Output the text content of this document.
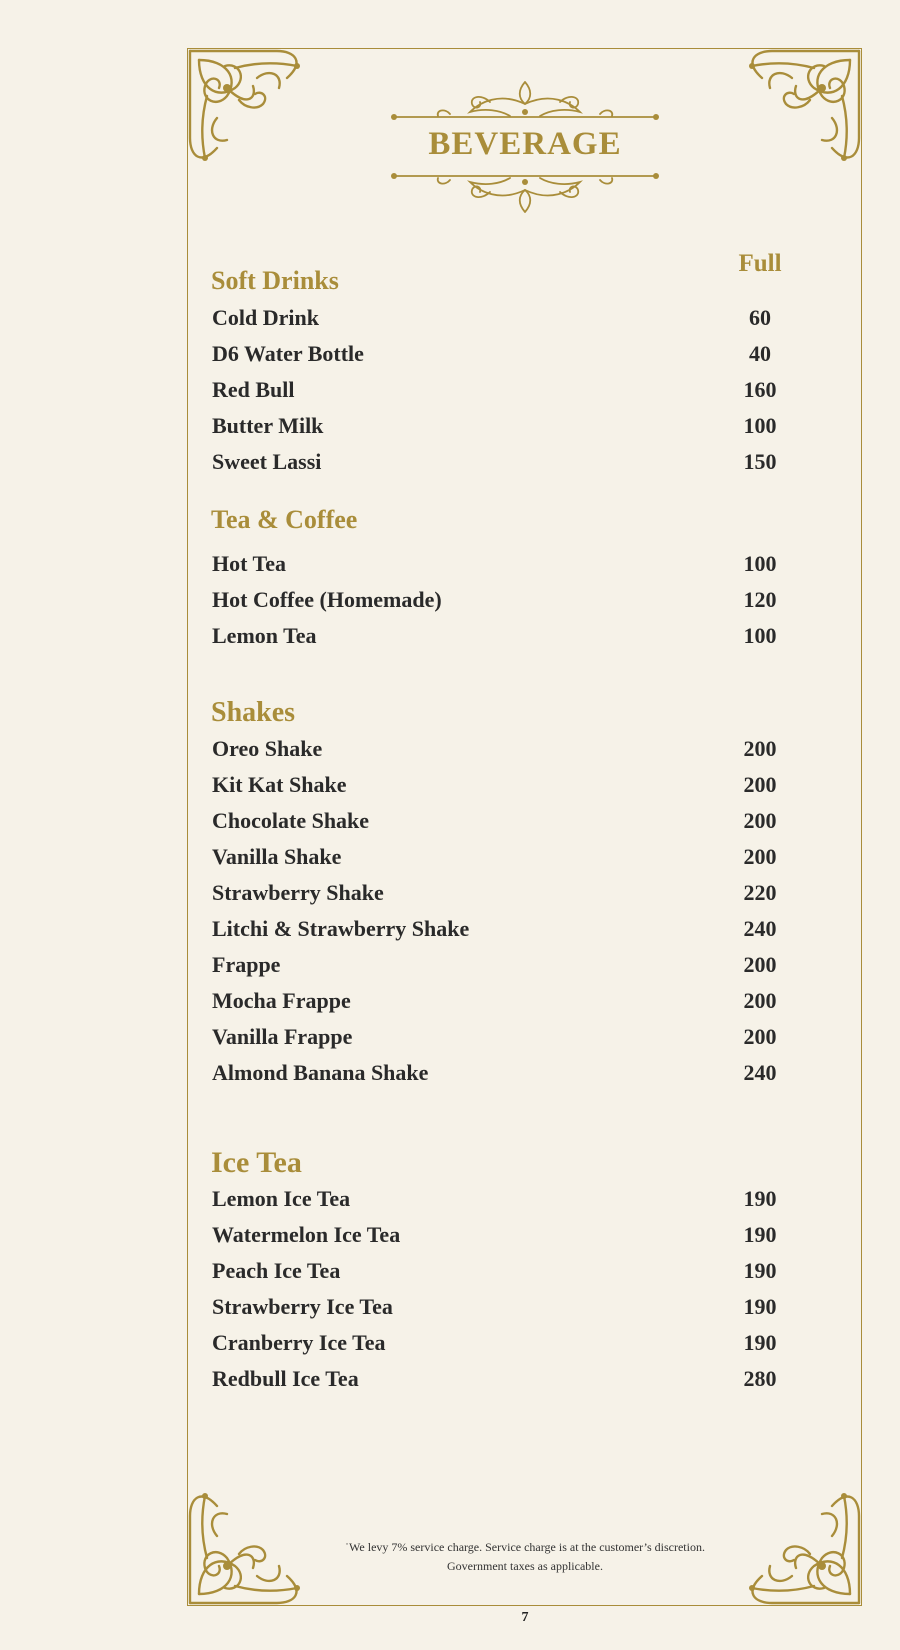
BEVERAGE
Full
Soft Drinks
Cold Drink	60
D6 Water Bottle	40
Red Bull	160
Butter Milk	100
Sweet Lassi	150
Tea & Coffee
Hot Tea	100
Hot Coffee (Homemade)	120
Lemon Tea	100
Shakes
Oreo Shake	200
Kit Kat Shake	200
Chocolate Shake	200
Vanilla Shake	200
Strawberry Shake	220
Litchi & Strawberry Shake	240
Frappe	200
Mocha Frappe	200
Vanilla Frappe	200
Almond Banana Shake	240
Ice Tea
Lemon Ice Tea	190
Watermelon Ice Tea	190
Peach Ice Tea	190
Strawberry Ice Tea	190
Cranberry Ice Tea	190
Redbull Ice Tea	280
˙We levy 7% service charge. Service charge is at the customer’s discretion.
Government taxes as applicable.
7
